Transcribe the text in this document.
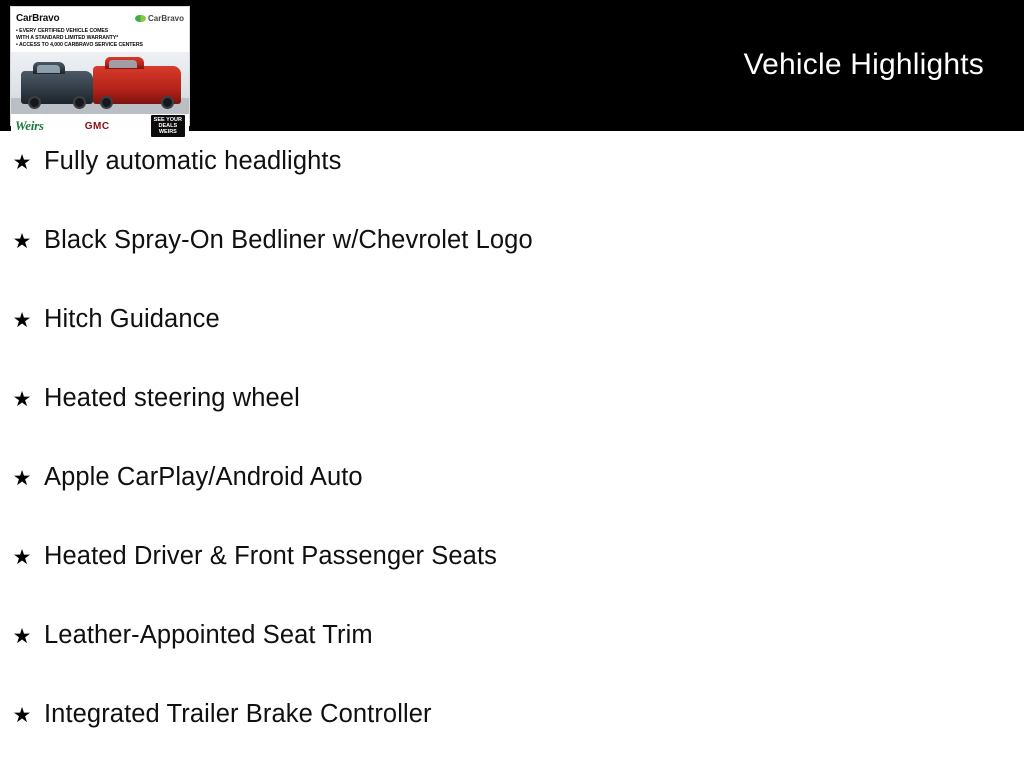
CarBravo	CarBravo
• EVERY CERTIFIED VEHICLE COMES
WITH A STANDARD LIMITED WARRANTY*
• ACCESS TO 4,000 CARBRAVO SERVICE CENTERS
Weirs	GMC
SEE YOUR
DEALS
WEIRS
Vehicle Highlights
★ Fully automatic headlights
★ Black Spray-On Bedliner w/Chevrolet Logo
★ Hitch Guidance
★ Heated steering wheel
★ Apple CarPlay/Android Auto
★ Heated Driver & Front Passenger Seats
★ Leather-Appointed Seat Trim
★ Integrated Trailer Brake Controller
